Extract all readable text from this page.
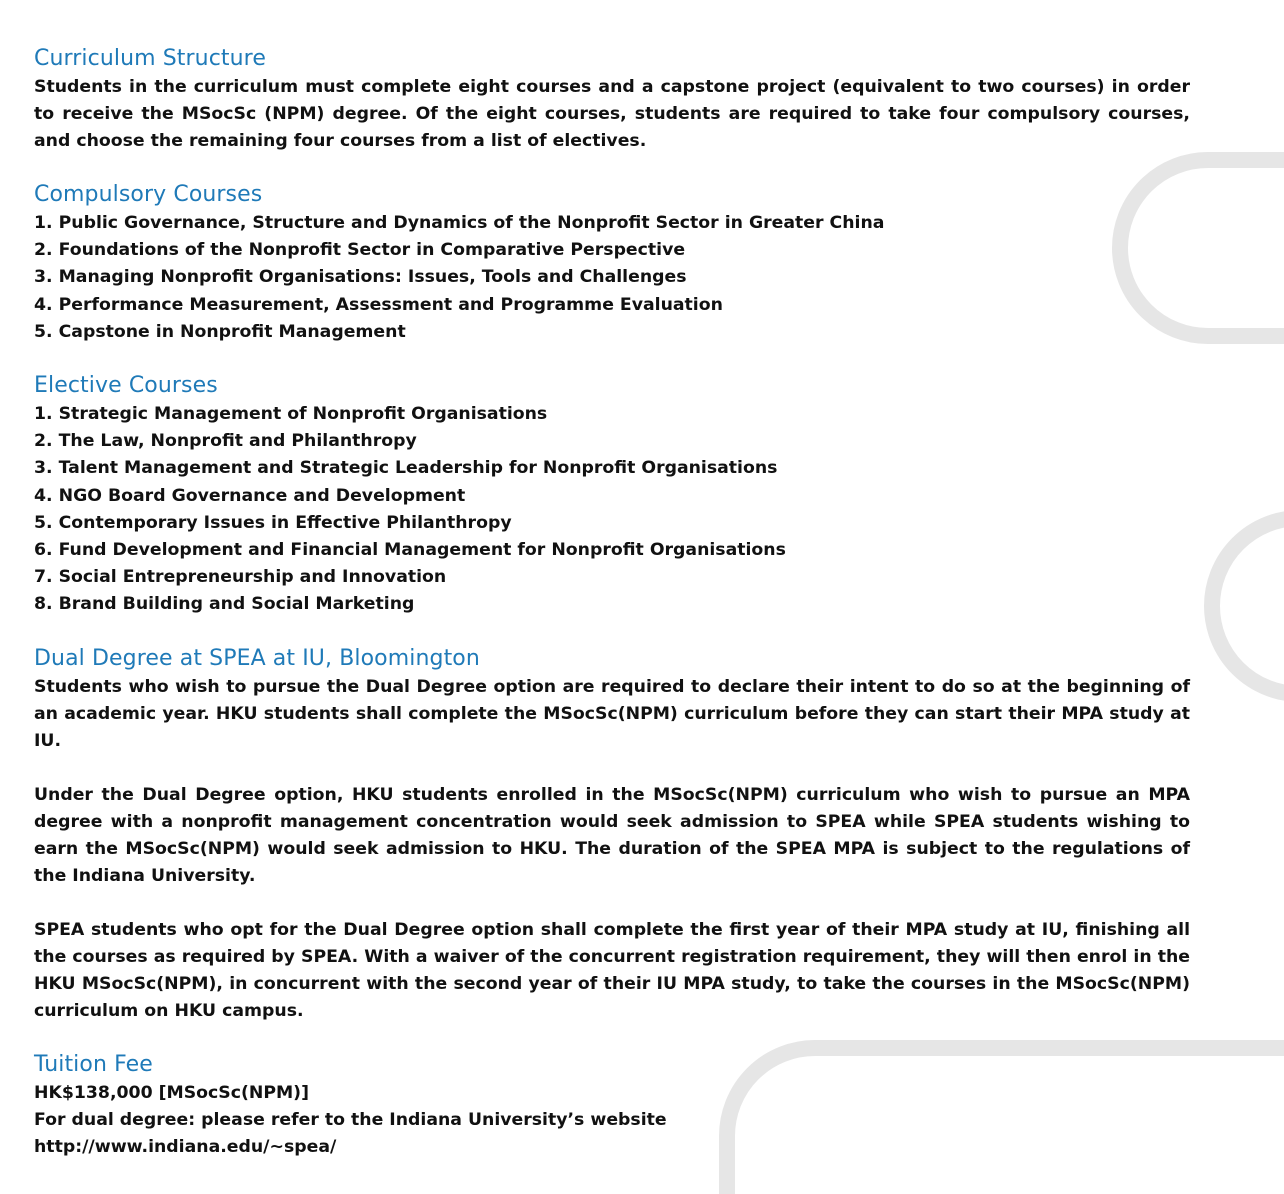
Curriculum Structure

Students in the curriculum must complete eight courses and a capstone project (equivalent to two courses) in order to receive the MSocSc (NPM) degree. Of the eight courses, students are required to take four compulsory courses, and choose the remaining four courses from a list of electives.

Compulsory Courses
1. Public Governance, Structure and Dynamics of the Nonprofit Sector in Greater China
2. Foundations of the Nonprofit Sector in Comparative Perspective
3. Managing Nonprofit Organisations: Issues, Tools and Challenges
4. Performance Measurement, Assessment and Programme Evaluation
5. Capstone in Nonprofit Management
Elective Courses
1. Strategic Management of Nonprofit Organisations
2. The Law, Nonprofit and Philanthropy
3. Talent Management and Strategic Leadership for Nonprofit Organisations
4. NGO Board Governance and Development
5. Contemporary Issues in Effective Philanthropy
6. Fund Development and Financial Management for Nonprofit Organisations
7. Social Entrepreneurship and Innovation
8. Brand Building and Social Marketing
Dual Degree at SPEA at IU, Bloomington

Students who wish to pursue the Dual Degree option are required to declare their intent to do so at the beginning of an academic year. HKU students shall complete the MSocSc(NPM) curriculum before they can start their MPA study at IU.

Under the Dual Degree option, HKU students enrolled in the MSocSc(NPM) curriculum who wish to pursue an MPA degree with a nonprofit management concentration would seek admission to SPEA while SPEA students wishing to earn the MSocSc(NPM) would seek admission to HKU. The duration of the SPEA MPA is subject to the regulations of the Indiana University.

SPEA students who opt for the Dual Degree option shall complete the first year of their MPA study at IU, finishing all the courses as required by SPEA. With a waiver of the concurrent registration requirement, they will then enrol in the HKU MSocSc(NPM), in concurrent with the second year of their IU MPA study, to take the courses in the MSocSc(NPM) curriculum on HKU campus.

Tuition Fee

HK$138,000 [MSocSc(NPM)]

For dual degree: please refer to the Indiana University’s website

http://www.indiana.edu/~spea/
